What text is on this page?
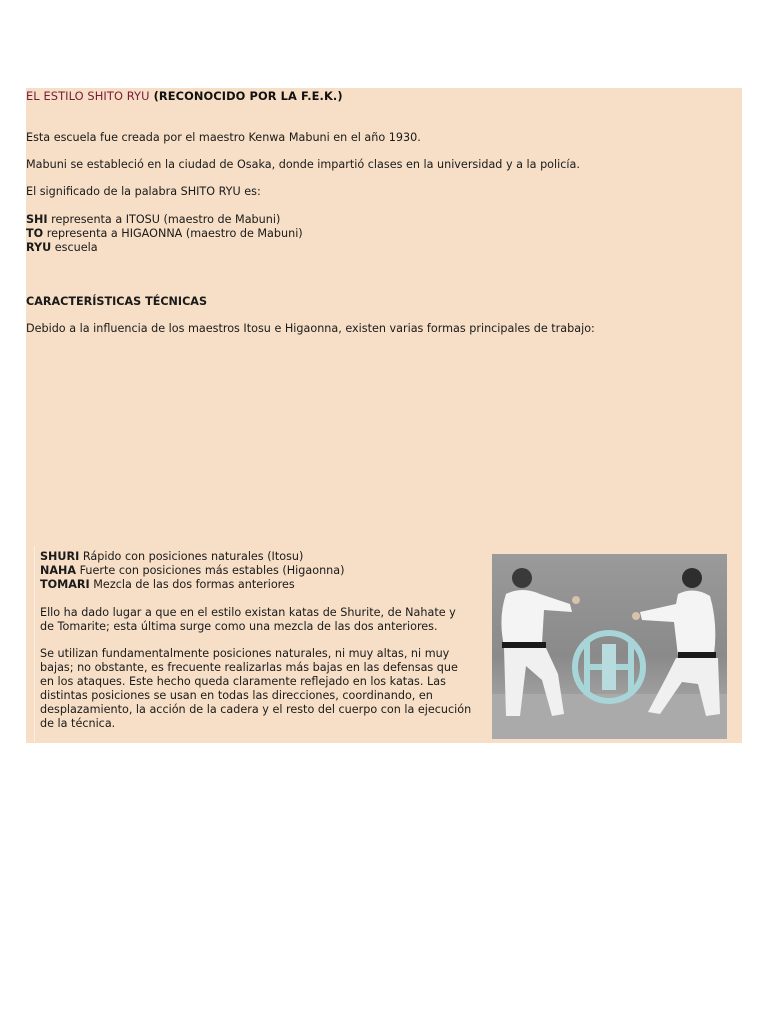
EL ESTILO SHITO RYU (RECONOCIDO POR LA F.E.K.)

Esta escuela fue creada por el maestro Kenwa Mabuni en el año 1930.

Mabuni se estableció en la ciudad de Osaka, donde impartió clases en la universidad y a la policía.

El significado de la palabra SHITO RYU es:

SHI representa a ITOSU (maestro de Mabuni)

TO representa a HIGAONNA (maestro de Mabuni)

RYU escuela

CARACTERÍSTICAS TÉCNICAS

Debido a la influencia de los maestros Itosu e Higaonna, existen varias formas principales de trabajo:

SHURI Rápido con posiciones naturales (Itosu)

NAHA Fuerte con posiciones más estables (Higaonna)

TOMARI Mezcla de las dos formas anteriores

Ello ha dado lugar a que en el estilo existan katas de Shurite, de Nahate y

de Tomarite; esta última surge como una mezcla de las dos anteriores.

Se utilizan fundamentalmente posiciones naturales, ni muy altas, ni muy

bajas; no obstante, es frecuente realizarlas más bajas en las defensas que

en los ataques. Este hecho queda claramente reflejado en los katas. Las

distintas posiciones se usan en todas las direcciones, coordinando, en

desplazamiento, la acción de la cadera y el resto del cuerpo con la ejecución

de la técnica.
